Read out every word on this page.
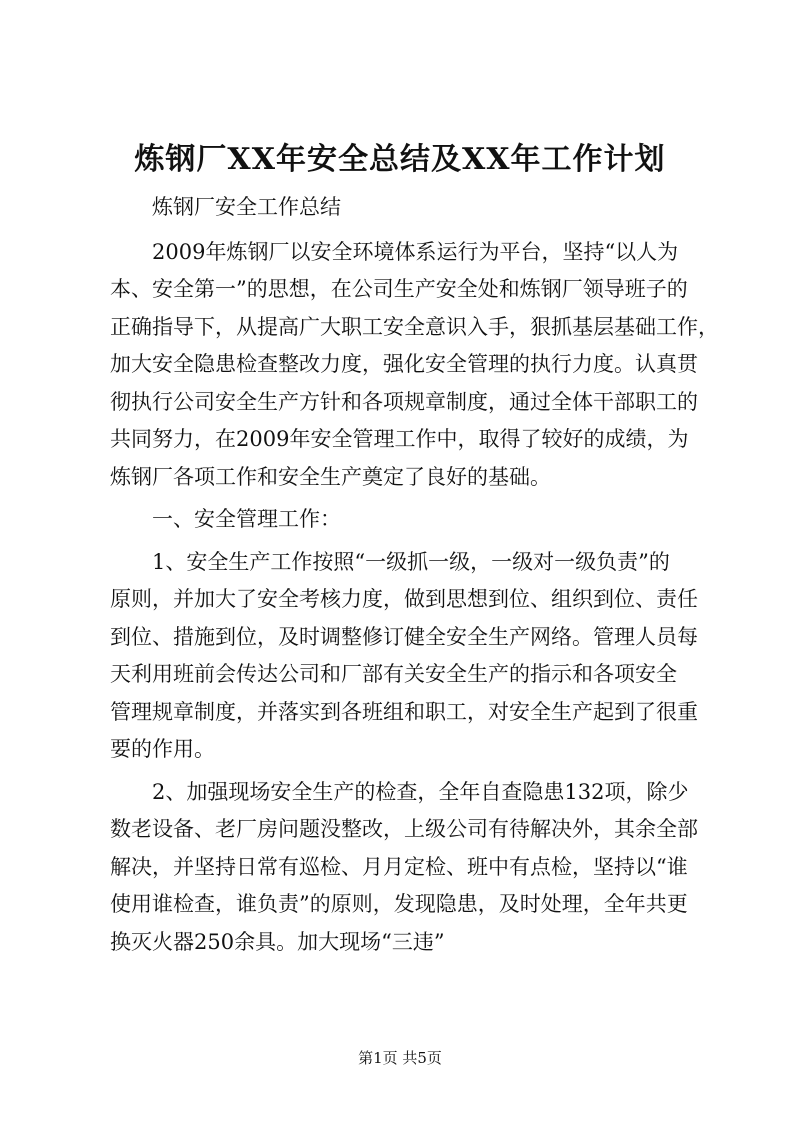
炼钢厂XX年安全总结及XX年工作计划
炼钢厂安全工作总结
2009年炼钢厂以安全环境体系运行为平台，坚持“以人为
本、安全第一”的思想，在公司生产安全处和炼钢厂领导班子的
正确指导下，从提高广大职工安全意识入手，狠抓基层基础工作，
加大安全隐患检查整改力度，强化安全管理的执行力度。认真贯
彻执行公司安全生产方针和各项规章制度，通过全体干部职工的
共同努力，在2009年安全管理工作中，取得了较好的成绩，为
炼钢厂各项工作和安全生产奠定了良好的基础。
一、安全管理工作：
1、安全生产工作按照“一级抓一级，一级对一级负责”的
原则，并加大了安全考核力度，做到思想到位、组织到位、责任
到位、措施到位，及时调整修订健全安全生产网络。管理人员每
天利用班前会传达公司和厂部有关安全生产的指示和各项安全
管理规章制度，并落实到各班组和职工，对安全生产起到了很重
要的作用。
2、加强现场安全生产的检查，全年自查隐患132项，除少
数老设备、老厂房问题没整改，上级公司有待解决外，其余全部
解决，并坚持日常有巡检、月月定检、班中有点检，坚持以“谁
使用谁检查，谁负责”的原则，发现隐患，及时处理，全年共更
换灭火器250余具。加大现场“三违”
第1页 共5页
